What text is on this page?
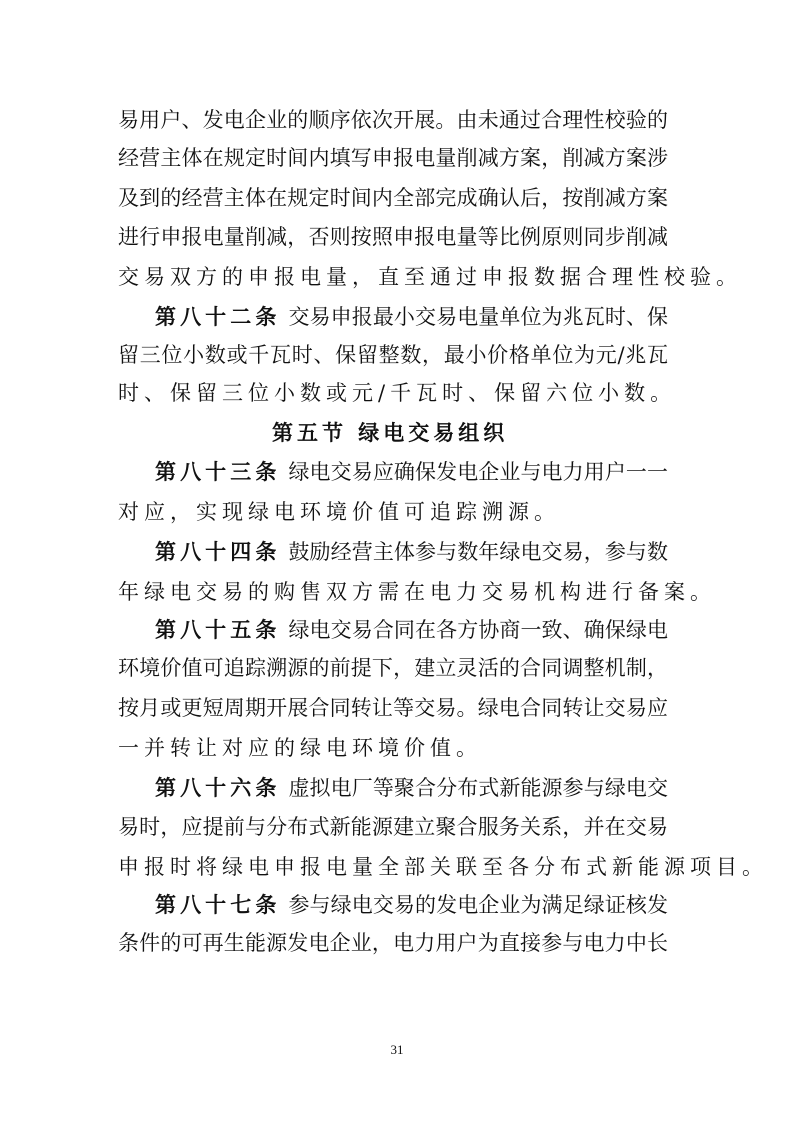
易用户、发电企业的顺序依次开展。由未通过合理性校验的
经营主体在规定时间内填写申报电量削减方案，削减方案涉
及到的经营主体在规定时间内全部完成确认后，按削减方案
进行申报电量削减，否则按照申报电量等比例原则同步削减
交易双方的申报电量，直至通过申报数据合理性校验。
第八十二条 交易申报最小交易电量单位为兆瓦时、保
留三位小数或千瓦时、保留整数，最小价格单位为元/兆瓦
时、保留三位小数或元/千瓦时、保留六位小数。
第五节 绿电交易组织
第八十三条 绿电交易应确保发电企业与电力用户一一
对应，实现绿电环境价值可追踪溯源。
第八十四条 鼓励经营主体参与数年绿电交易，参与数
年绿电交易的购售双方需在电力交易机构进行备案。
第八十五条 绿电交易合同在各方协商一致、确保绿电
环境价值可追踪溯源的前提下，建立灵活的合同调整机制，
按月或更短周期开展合同转让等交易。绿电合同转让交易应
一并转让对应的绿电环境价值。
第八十六条 虚拟电厂等聚合分布式新能源参与绿电交
易时，应提前与分布式新能源建立聚合服务关系，并在交易
申报时将绿电申报电量全部关联至各分布式新能源项目。
第八十七条 参与绿电交易的发电企业为满足绿证核发
条件的可再生能源发电企业，电力用户为直接参与电力中长
31
